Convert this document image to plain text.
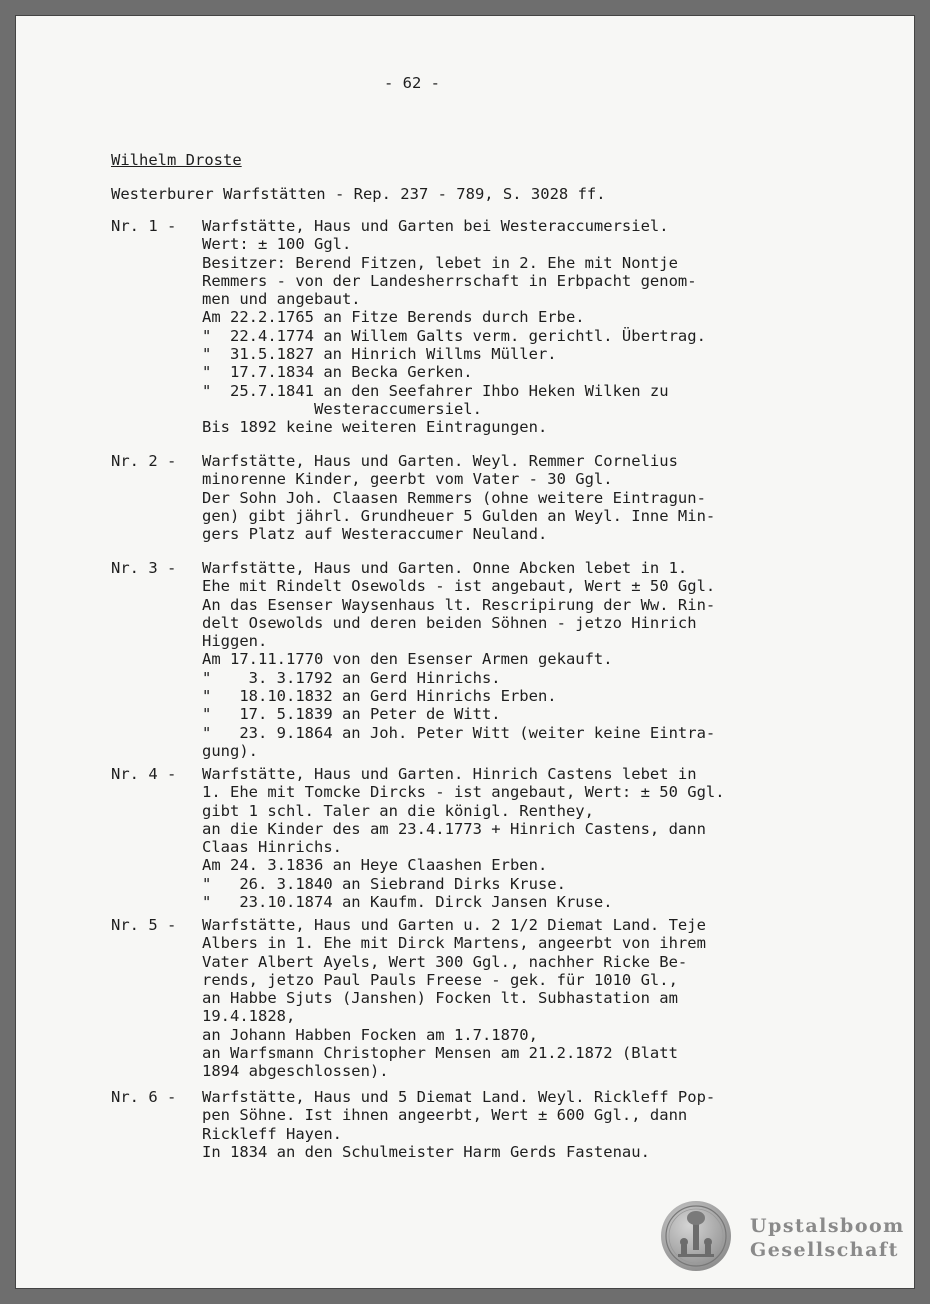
- 62 -
Wilhelm Droste
Westerburer Warfstätten - Rep. 237 - 789, S. 3028 ff.
Nr. 1 - Warfstätte, Haus und Garten bei Westeraccumersiel.
Wert: ± 100 Ggl.
Besitzer: Berend Fitzen, lebet in 2. Ehe mit Nontje
Remmers - von der Landesherrschaft in Erbpacht genom-
men und angebaut.
Am 22.2.1765 an Fitze Berends durch Erbe.
"  22.4.1774 an Willem Galts verm. gerichtl. Übertrag.
"  31.5.1827 an Hinrich Willms Müller.
"  17.7.1834 an Becka Gerken.
"  25.7.1841 an den Seefahrer Ihbo Heken Wilken zu
Westeraccumersiel.
Bis 1892 keine weiteren Eintragungen.
Nr. 2 - Warfstätte, Haus und Garten. Weyl. Remmer Cornelius
minorenne Kinder, geerbt vom Vater - 30 Ggl.
Der Sohn Joh. Claasen Remmers (ohne weitere Eintragun-
gen) gibt jährl. Grundheuer 5 Gulden an Weyl. Inne Min-
gers Platz auf Westeraccumer Neuland.
Nr. 3 - Warfstätte, Haus und Garten. Onne Abcken lebet in 1.
Ehe mit Rindelt Osewolds - ist angebaut, Wert ± 50 Ggl.
An das Esenser Waysenhaus lt. Rescripirung der Ww. Rin-
delt Osewolds und deren beiden Söhnen - jetzo Hinrich
Higgen.
Am 17.11.1770 von den Esenser Armen gekauft.
"    3. 3.1792 an Gerd Hinrichs.
"   18.10.1832 an Gerd Hinrichs Erben.
"   17. 5.1839 an Peter de Witt.
"   23. 9.1864 an Joh. Peter Witt (weiter keine Eintra-
gung).
Nr. 4 - Warfstätte, Haus und Garten. Hinrich Castens lebet in
1. Ehe mit Tomcke Dircks - ist angebaut, Wert: ± 50 Ggl.
gibt 1 schl. Taler an die königl. Renthey,
an die Kinder des am 23.4.1773 + Hinrich Castens, dann
Claas Hinrichs.
Am 24. 3.1836 an Heye Claashen Erben.
"   26. 3.1840 an Siebrand Dirks Kruse.
"   23.10.1874 an Kaufm. Dirck Jansen Kruse.
Nr. 5 - Warfstätte, Haus und Garten u. 2 1/2 Diemat Land. Teje
Albers in 1. Ehe mit Dirck Martens, angeerbt von ihrem
Vater Albert Ayels, Wert 300 Ggl., nachher Ricke Be-
rends, jetzo Paul Pauls Freese - gek. für 1010 Gl.,
an Habbe Sjuts (Janshen) Focken lt. Subhastation am
19.4.1828,
an Johann Habben Focken am 1.7.1870,
an Warfsmann Christopher Mensen am 21.2.1872 (Blatt
1894 abgeschlossen).
Nr. 6 - Warfstätte, Haus und 5 Diemat Land. Weyl. Rickleff Pop-
pen Söhne. Ist ihnen angeerbt, Wert ± 600 Ggl., dann
Rickleff Hayen.
In 1834 an den Schulmeister Harm Gerds Fastenau.
Upstalsboom
Gesellschaft
